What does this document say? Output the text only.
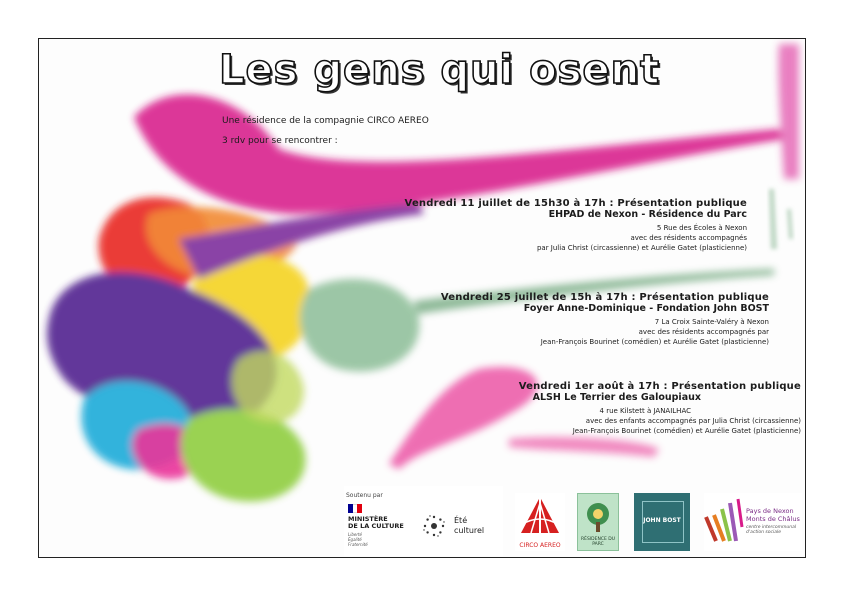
Les gens qui osent
Une résidence de la compagnie CIRCO AEREO
3 rdv pour se rencontrer :
Vendredi 11 juillet de 15h30 à 17h : Présentation publique
EHPAD de Nexon - Résidence du Parc
5 Rue des Écoles à Nexon
avec des résidents accompagnés
par Julia Christ (circassienne) et Aurélie Gatet (plasticienne)
Vendredi 25 juillet de 15h à 17h : Présentation publique
Foyer Anne-Dominique - Fondation John BOST
7 La Croix Sainte-Valéry à Nexon
avec des résidents accompagnés par
Jean-François Bourinet (comédien) et Aurélie Gatet (plasticienne)
Vendredi 1er août à 17h : Présentation publique
ALSH Le Terrier des Galoupiaux
4 rue Kilstett à JANAILHAC
avec des enfants accompagnés par Julia Christ (circassienne)
Jean-François Bourinet (comédien) et Aurélie Gatet (plasticienne)
Soutenu par
MINISTÈRE
DE LA CULTURE
Liberté
Égalité
Fraternité
Été
culturel
CIRCO AEREO
RÉSIDENCE DU PARC
JOHN BOST
Pays de Nexon
Monts de Châlus
centre intercommunal
d'action sociale
